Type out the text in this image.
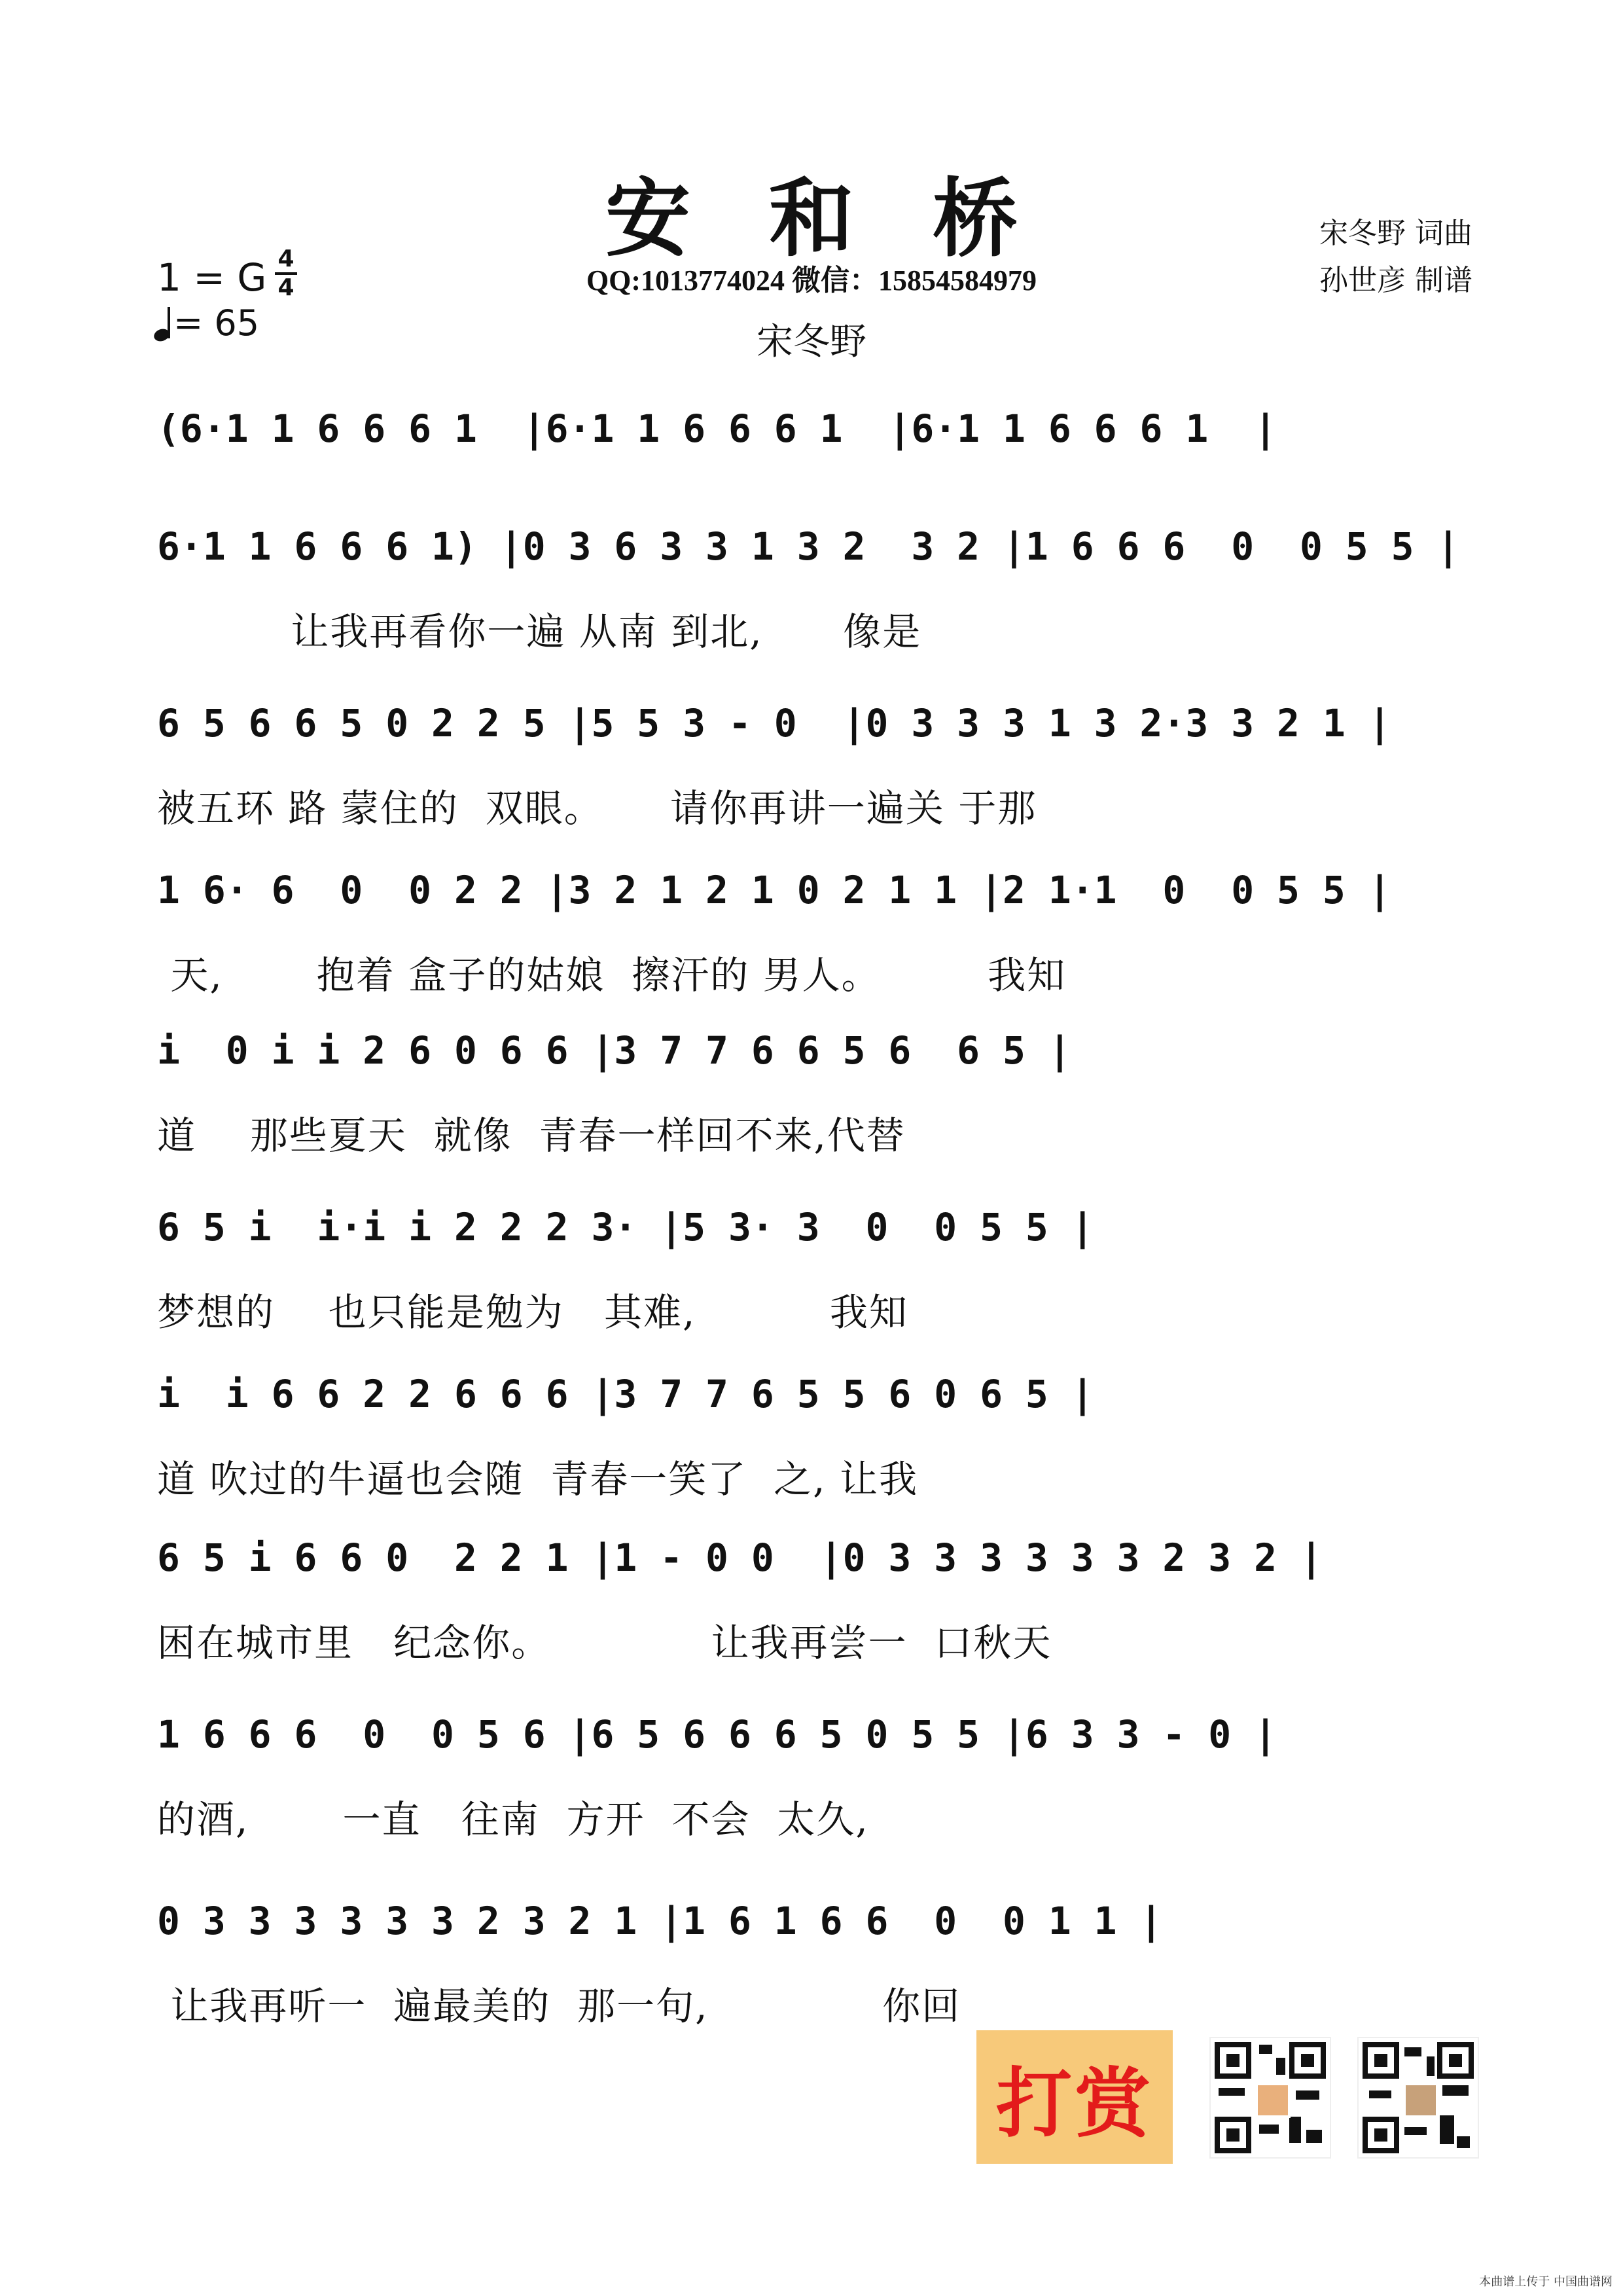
安和桥
QQ:1013774024 微信：15854584979
宋冬野
宋冬野 词曲
孙世彦 制谱
1 = G 4
4
= 65
(6·1 1 6 6 6 1  |6·1 1 6 6 6 1  |6·1 1 6 6 6 1  |
6·1 1 6 6 6 1) |0 3 6 3 3 1 3 2  3 2 |1 6 6 6  0  0 5 5 |
让我再看你一遍 从南 到北,      像是
6 5 6 6 5 0 2 2 5 |5 5 3 - 0  |0 3 3 3 1 3 2·3 3 2 1 |
被五环 路 蒙住的  双眼。     请你再讲一遍关 于那
1 6· 6  0  0 2 2 |3 2 1 2 1 0 2 1 1 |2 1·1  0  0 5 5 |
天,       抱着 盒子的姑娘  擦汗的 男人。        我知
i  0 i i 2 6 0 6 6 |3 7 7 6 6 5 6  6 5 |
道    那些夏天  就像  青春一样回不来,代替
6 5 i  i·i i 2 2 2 3· |5 3· 3  0  0 5 5 |
梦想的    也只能是勉为   其难,          我知
i  i 6 6 2 2 6 6 6 |3 7 7 6 5 5 6 0 6 5 |
道 吹过的牛逼也会随  青春一笑了  之, 让我
6 5 i 6 6 0  2 2 1 |1 - 0 0  |0 3 3 3 3 3 3 2 3 2 |
困在城市里   纪念你。            让我再尝一  口秋天
1 6 6 6  0  0 5 6 |6 5 6 6 6 5 0 5 5 |6 3 3 - 0 |
的酒,       一直   往南  方开  不会  太久,
0 3 3 3 3 3 3 2 3 2 1 |1 6 1 6 6  0  0 1 1 |
让我再听一  遍最美的  那一句,             你回
打赏
本曲谱上传于 中国曲谱网
